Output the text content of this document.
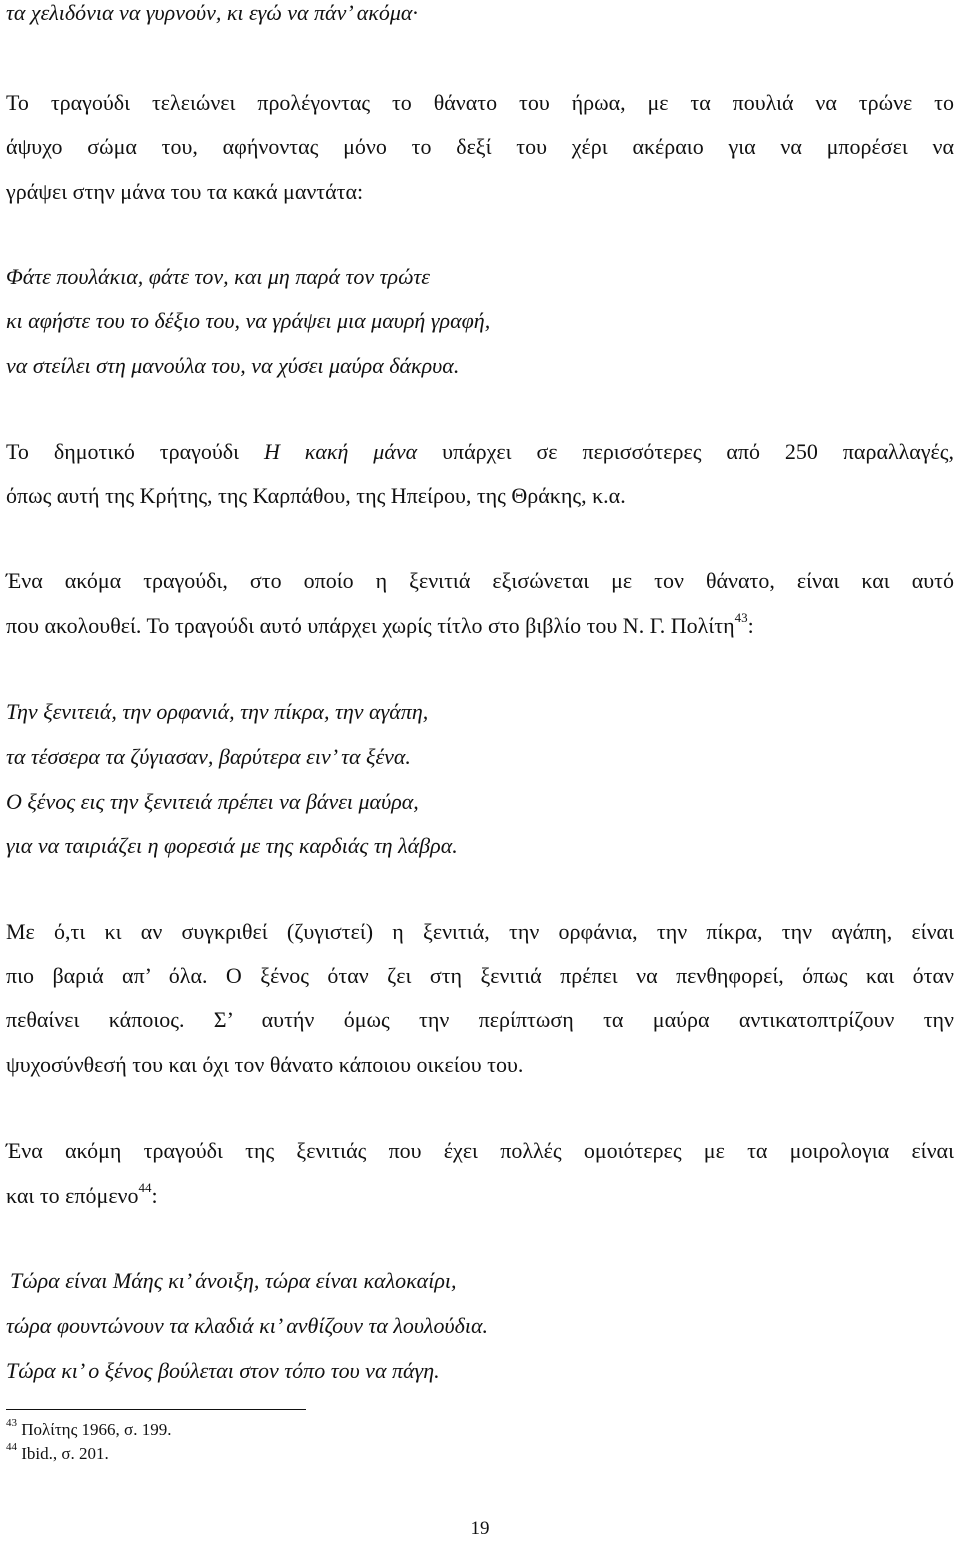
τα χελιδόνια να γυρνούν, κι εγώ να πάν’ ακόμα·
Το τραγούδι τελειώνει προλέγοντας το θάνατο του ήρωα, με τα πουλιά να τρώνε το
άψυχο σώμα του, αφήνοντας μόνο το δεξί του χέρι ακέραιο για να μπορέσει να
γράψει στην μάνα του τα κακά μαντάτα:
Φάτε πουλάκια, φάτε τον, και μη παρά τον τρώτε
κι αφήστε του το δέξιο του, να γράψει μια μαυρή γραφή,
να στείλει στη μανούλα του, να χύσει μαύρα δάκρυα.
Το δημοτικό τραγούδι Η κακή μάνα υπάρχει σε περισσότερες από 250 παραλλαγές,
όπως αυτή της Κρήτης, της Καρπάθου, της Ηπείρου, της Θράκης, κ.α.
Ένα ακόμα τραγούδι, στο οποίο η ξενιτιά εξισώνεται με τον θάνατο, είναι και αυτό
που ακολουθεί. Το τραγούδι αυτό υπάρχει χωρίς τίτλο στο βιβλίο του Ν. Γ. Πολίτη$^{43}$:
Την ξενιτειά, την ορφανιά, την πίκρα, την αγάπη,
τα τέσσερα τα ζύγιασαν, βαρύτερα ειν’ τα ξένα.
Ο ξένος εις την ξενιτειά πρέπει να βάνει μαύρα,
για να ταιριάζει η φορεσιά με της καρδιάς τη λάβρα.
Με ό,τι κι αν συγκριθεί (ζυγιστεί) η ξενιτιά, την ορφάνια, την πίκρα, την αγάπη, είναι
πιο βαριά απ’ όλα. Ο ξένος όταν ζει στη ξενιτιά πρέπει να πενθηφορεί, όπως και όταν
πεθαίνει κάποιος. Σ’ αυτήν όμως την περίπτωση τα μαύρα αντικατοπτρίζουν την
ψυχοσύνθεσή του και όχι τον θάνατο κάποιου οικείου του.
Ένα ακόμη τραγούδι της ξενιτιάς που έχει πολλές ομοιότερες με τα μοιρολογια είναι
και το επόμενο$^{44}$:
Τώρα είναι Μάης κι’ άνοιξη, τώρα είναι καλοκαίρι,
τώρα φουντώνουν τα κλαδιά κι’ ανθίζουν τα λουλούδια.
Τώρα κι’ ο ξένος βούλεται στον τόπο του να πάγη.
$^{43}$ Πολίτης 1966, σ. 199.
$^{44}$ Ibid., σ. 201.
19
